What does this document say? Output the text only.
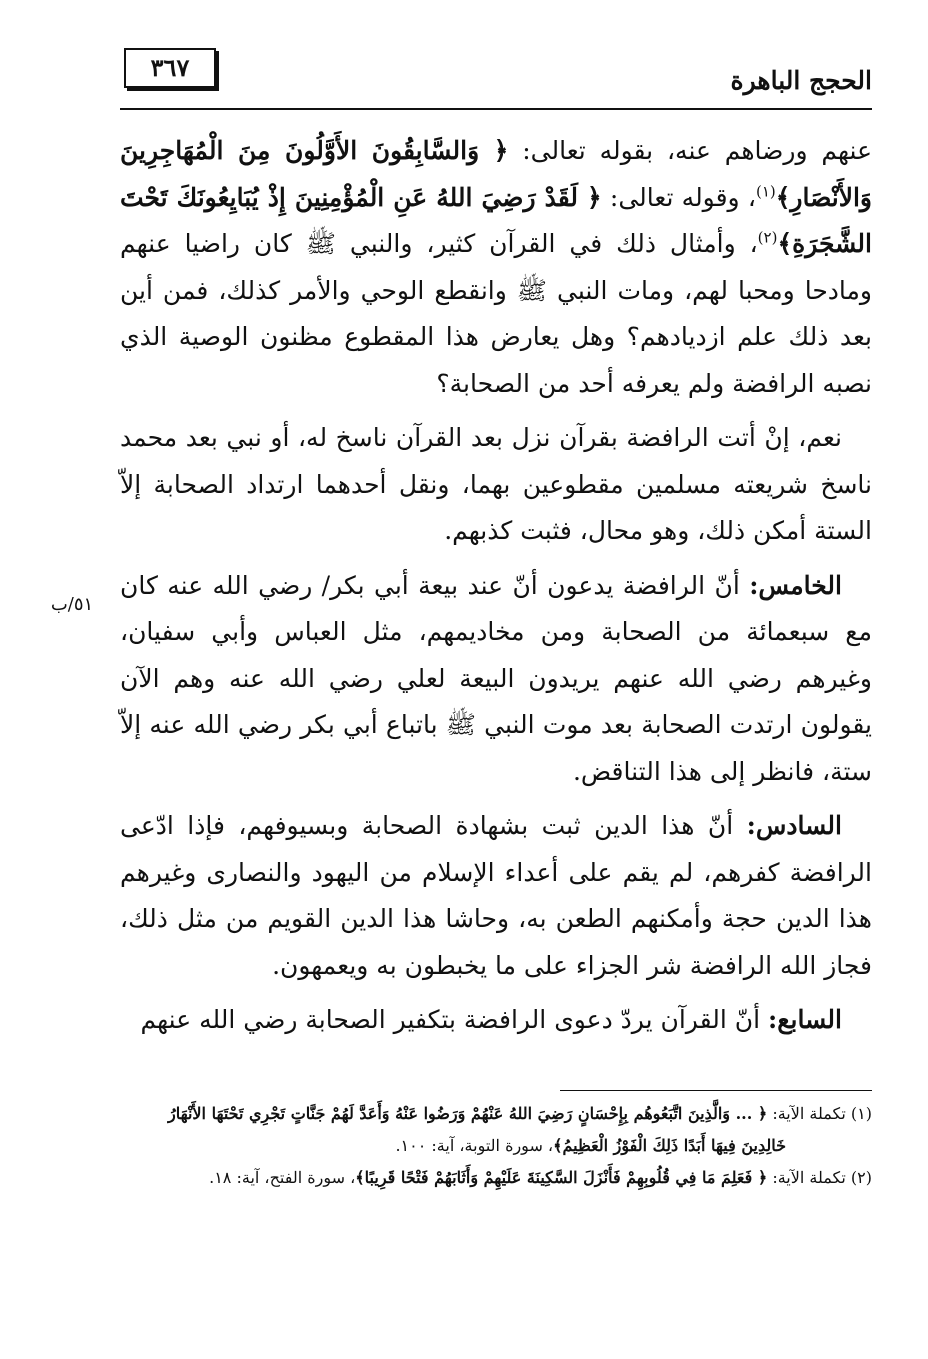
الحجج الباهرة
٣٦٧
٥١/ب

عنهم ورضاهم عنه، بقوله تعالى: ﴿ وَالسَّابِقُونَ الأَوَّلُونَ مِنَ الْمُهَاجِرِينَ وَالأَنْصَارِ﴾$^{(١)}$، وقوله تعالى: ﴿ لَقَدْ رَضِيَ اللهُ عَنِ الْمُؤْمِنِينَ إِذْ يُبَايِعُونَكَ تَحْتَ الشَّجَرَةِ﴾$^{(٢)}$، وأمثال ذلك في القرآن كثير، والنبي ﷺ كان راضيا عنهم ومادحا ومحبا لهم، ومات النبي ﷺ وانقطع الوحي والأمر كذلك، فمن أين بعد ذلك علم ازديادهم؟ وهل يعارض هذا المقطوع مظنون الوصية الذي نصبه الرافضة ولم يعرفه أحد من الصحابة؟

نعم، إنْ أتت الرافضة بقرآن نزل بعد القرآن ناسخ له، أو نبي بعد محمد ناسخ شريعته مسلمين مقطوعين بهما، ونقل أحدهما ارتداد الصحابة إلاّ الستة أمكن ذلك، وهو محال، فثبت كذبهم.

الخامس: أنّ الرافضة يدعون أنّ عند بيعة أبي بكر/ رضي الله عنه كان مع سبعمائة من الصحابة ومن مخاديمهم، مثل العباس وأبي سفيان، وغيرهم رضي الله عنهم يريدون البيعة لعلي رضي الله عنه وهم الآن يقولون ارتدت الصحابة بعد موت النبي ﷺ باتباع أبي بكر رضي الله عنه إلاّ ستة، فانظر إلى هذا التناقض.

السادس: أنّ هذا الدين ثبت بشهادة الصحابة وبسيوفهم، فإذا ادّعى الرافضة كفرهم، لم يقم على أعداء الإسلام من اليهود والنصارى وغيرهم هذا الدين حجة وأمكنهم الطعن به، وحاشا هذا الدين القويم من مثل ذلك، فجاز الله الرافضة شر الجزاء على ما يخبطون به ويعمهون.

السابع: أنّ القرآن يردّ دعوى الرافضة بتكفير الصحابة رضي الله عنهم

(١) تكملة الآية: ﴿ ... وَالَّذِينَ اتَّبَعُوهُم بِإِحْسَانٍ رَضِيَ اللهُ عَنْهُمْ وَرَضُوا عَنْهُ وَأَعَدَّ لَهُمْ جَنَّاتٍ تَجْرِي تَحْتَهَا الأَنْهَارُ

خَالِدِينَ فِيهَا أَبَدًا ذَلِكَ الْفَوْزُ الْعَظِيمُ﴾، سورة التوبة، آية: ١٠٠.

(٢) تكملة الآية: ﴿ فَعَلِمَ مَا فِي قُلُوبِهِمْ فَأَنْزَلَ السَّكِينَةَ عَلَيْهِمْ وَأَثَابَهُمْ فَتْحًا قَرِيبًا﴾، سورة الفتح، آية: ١٨.
